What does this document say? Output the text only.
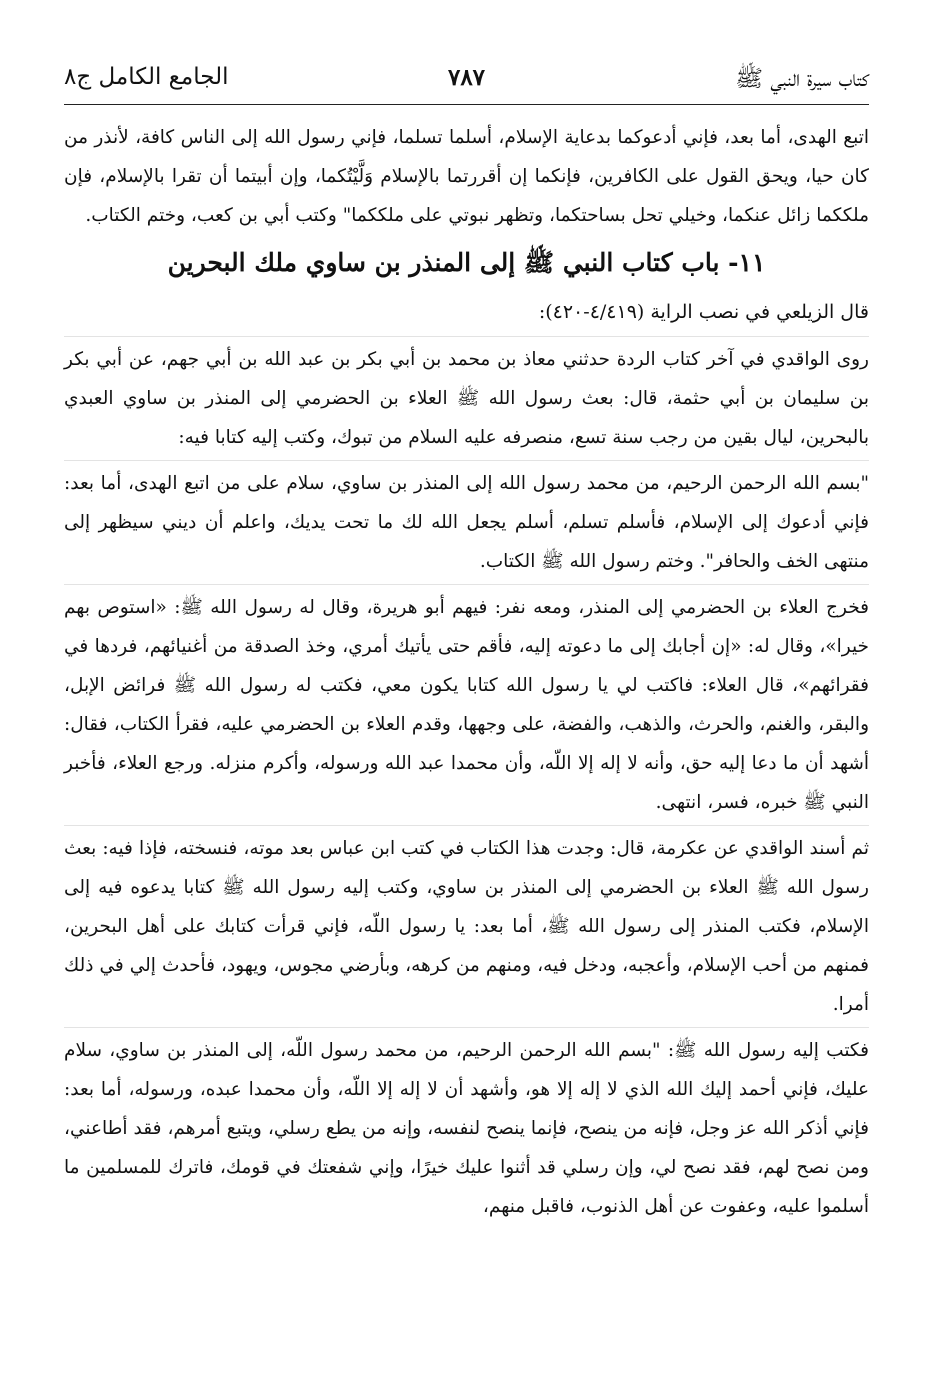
كتاب سيرة النبي ﷺ
٧٨٧
الجامع الكامل ج٨

اتبع الهدى، أما بعد، فإني أدعوكما بدعاية الإسلام، أسلما تسلما، فإني رسول الله إلى الناس كافة، لأنذر من كان حيا، ويحق القول على الكافرين، فإنكما إن أقررتما بالإسلام وَلَّيْتُكما، وإن أبيتما أن تقرا بالإسلام، فإن ملككما زائل عنكما، وخيلي تحل بساحتكما، وتظهر نبوتي على ملككما" وكتب أبي بن كعب، وختم الكتاب.

١١- باب كتاب النبي ﷺ إلى المنذر بن ساوي ملك البحرين

قال الزيلعي في نصب الراية (٤/٤١٩-٤٢٠):

روى الواقدي في آخر كتاب الردة حدثني معاذ بن محمد بن أبي بكر بن عبد الله بن أبي جهم، عن أبي بكر بن سليمان بن أبي حثمة، قال: بعث رسول الله ﷺ العلاء بن الحضرمي إلى المنذر بن ساوي العبدي بالبحرين، ليال بقين من رجب سنة تسع، منصرفه عليه السلام من تبوك، وكتب إليه كتابا فيه:

"بسم الله الرحمن الرحيم، من محمد رسول الله إلى المنذر بن ساوي، سلام على من اتبع الهدى، أما بعد: فإني أدعوك إلى الإسلام، فأسلم تسلم، أسلم يجعل الله لك ما تحت يديك، واعلم أن ديني سيظهر إلى منتهى الخف والحافر". وختم رسول الله ﷺ الكتاب.

فخرج العلاء بن الحضرمي إلى المنذر، ومعه نفر: فيهم أبو هريرة، وقال له رسول الله ﷺ: «استوص بهم خيرا»، وقال له: «إن أجابك إلى ما دعوته إليه، فأقم حتى يأتيك أمري، وخذ الصدقة من أغنيائهم، فردها في فقرائهم»، قال العلاء: فاكتب لي يا رسول الله كتابا يكون معي، فكتب له رسول الله ﷺ فرائض الإبل، والبقر، والغنم، والحرث، والذهب، والفضة، على وجهها، وقدم العلاء بن الحضرمي عليه، فقرأ الكتاب، فقال: أشهد أن ما دعا إليه حق، وأنه لا إله إلا اللّه، وأن محمدا عبد الله ورسوله، وأكرم منزله. ورجع العلاء، فأخبر النبي ﷺ خبره، فسر، انتهى.

ثم أسند الواقدي عن عكرمة، قال: وجدت هذا الكتاب في كتب ابن عباس بعد موته، فنسخته، فإذا فيه: بعث رسول الله ﷺ العلاء بن الحضرمي إلى المنذر بن ساوي، وكتب إليه رسول الله ﷺ كتابا يدعوه فيه إلى الإسلام، فكتب المنذر إلى رسول الله ﷺ، أما بعد: يا رسول اللّه، فإني قرأت كتابك على أهل البحرين، فمنهم من أحب الإسلام، وأعجبه، ودخل فيه، ومنهم من كرهه، وبأرضي مجوس، ويهود، فأحدث إلي في ذلك أمرا.

فكتب إليه رسول الله ﷺ: "بسم الله الرحمن الرحيم، من محمد رسول اللّه، إلى المنذر بن ساوي، سلام عليك، فإني أحمد إليك الله الذي لا إله إلا هو، وأشهد أن لا إله إلا اللّه، وأن محمدا عبده، ورسوله، أما بعد: فإني أذكر الله عز وجل، فإنه من ينصح، فإنما ينصح لنفسه، وإنه من يطع رسلي، ويتبع أمرهم، فقد أطاعني، ومن نصح لهم، فقد نصح لي، وإن رسلي قد أثنوا عليك خيرًا، وإني شفعتك في قومك، فاترك للمسلمين ما أسلموا عليه، وعفوت عن أهل الذنوب، فاقبل منهم،
